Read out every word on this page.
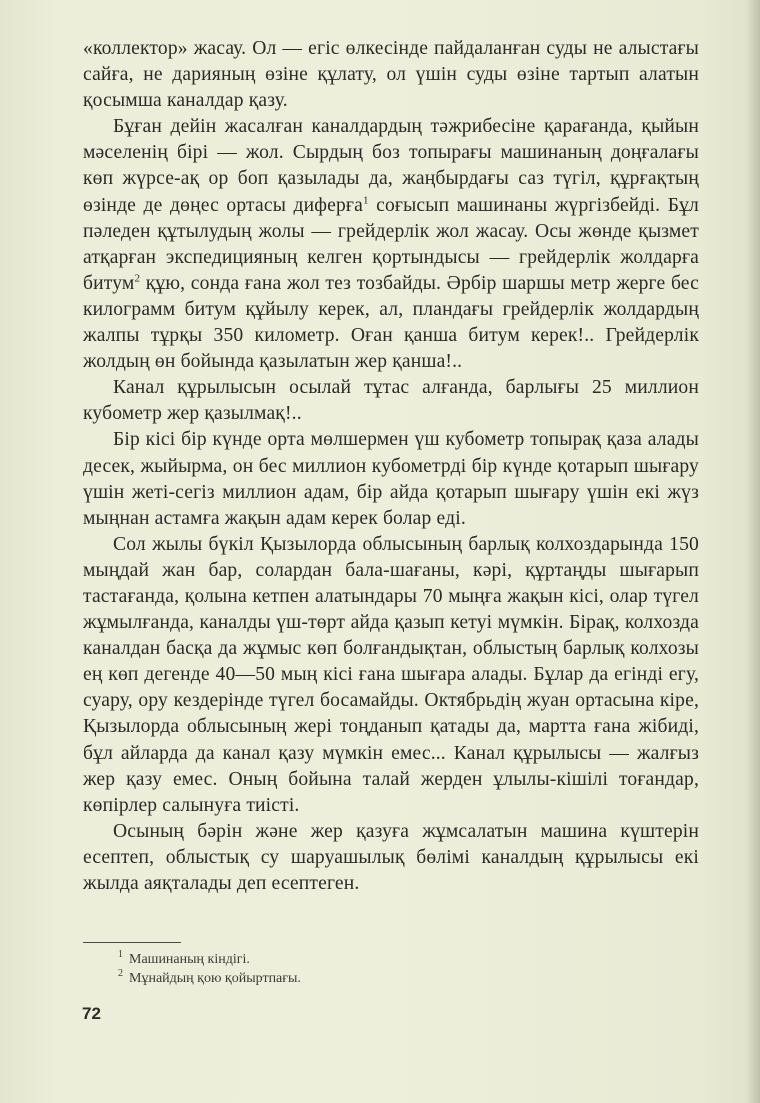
«коллектор» жасау. Ол — егіс өлкесінде пайдаланған суды не алыстағы сайға, не дарияның өзіне құлату, ол үшін суды өзіне тартып алатын қосымша каналдар қазу.

Бұған дейін жасалған каналдардың тәжрибесіне қарағанда, қыйын мәселенің бірі — жол. Сырдың боз топырағы машинаның доңғалағы көп жүрсе-ақ ор боп қазылады да, жаңбырдағы саз түгіл, құрғақтың өзінде де дөңес ортасы диферға$^1$ соғысып машинаны жүргізбейді. Бұл пәледен құтылудың жолы — грейдерлік жол жасау. Осы жөнде қызмет атқарған экспедицияның келген қортындысы — грейдерлік жолдарға битум$^2$ құю, сонда ғана жол тез тозбайды. Әрбір шаршы метр жерге бес килограмм битум құйылу керек, ал, пландағы грейдерлік жолдардың жалпы тұрқы 350 километр. Оған қанша битум керек!.. Грейдерлік жолдың өн бойында қазылатын жер қанша!..

Канал құрылысын осылай тұтас алғанда, барлығы 25 миллион кубометр жер қазылмақ!..

Бір кісі бір күнде орта мөлшермен үш кубометр топырақ қаза алады десек, жыйырма, он бес миллион кубометрді бір күнде қотарып шығару үшін жеті-сегіз миллион адам, бір айда қотарып шығару үшін екі жүз мыңнан астамға жақын адам керек болар еді.

Сол жылы бүкіл Қызылорда облысының барлық колхоздарында 150 мыңдай жан бар, солардан бала-шағаны, кәрі, құртаңды шығарып тастағанда, қолына кетпен алатындары 70 мыңға жақын кісі, олар түгел жұмылғанда, каналды үш-төрт айда қазып кетуі мүмкін. Бірақ, колхозда каналдан басқа да жұмыс көп болғандықтан, облыстың барлық колхозы ең көп дегенде 40—50 мың кісі ғана шығара алады. Бұлар да егінді егу, суару, ору кездерінде түгел босамайды. Октябрьдің жуан ортасына кіре, Қызылорда облысының жері тоңданып қатады да, мартта ғана жібиді, бұл айларда да канал қазу мүмкін емес... Канал құрылысы — жалғыз жер қазу емес. Оның бойына талай жерден ұлылы-кішілі тоғандар, көпірлер салынуға тиісті.

Осының бәрін және жер қазуға жұмсалатын машина күштерін есептеп, облыстық су шаруашылық бөлімі каналдың құрылысы екі жылда аяқталады деп есептеген.

$^1$ Машинаның кіндігі.
$^2$ Мұнайдың қою қойыртпағы.
72
